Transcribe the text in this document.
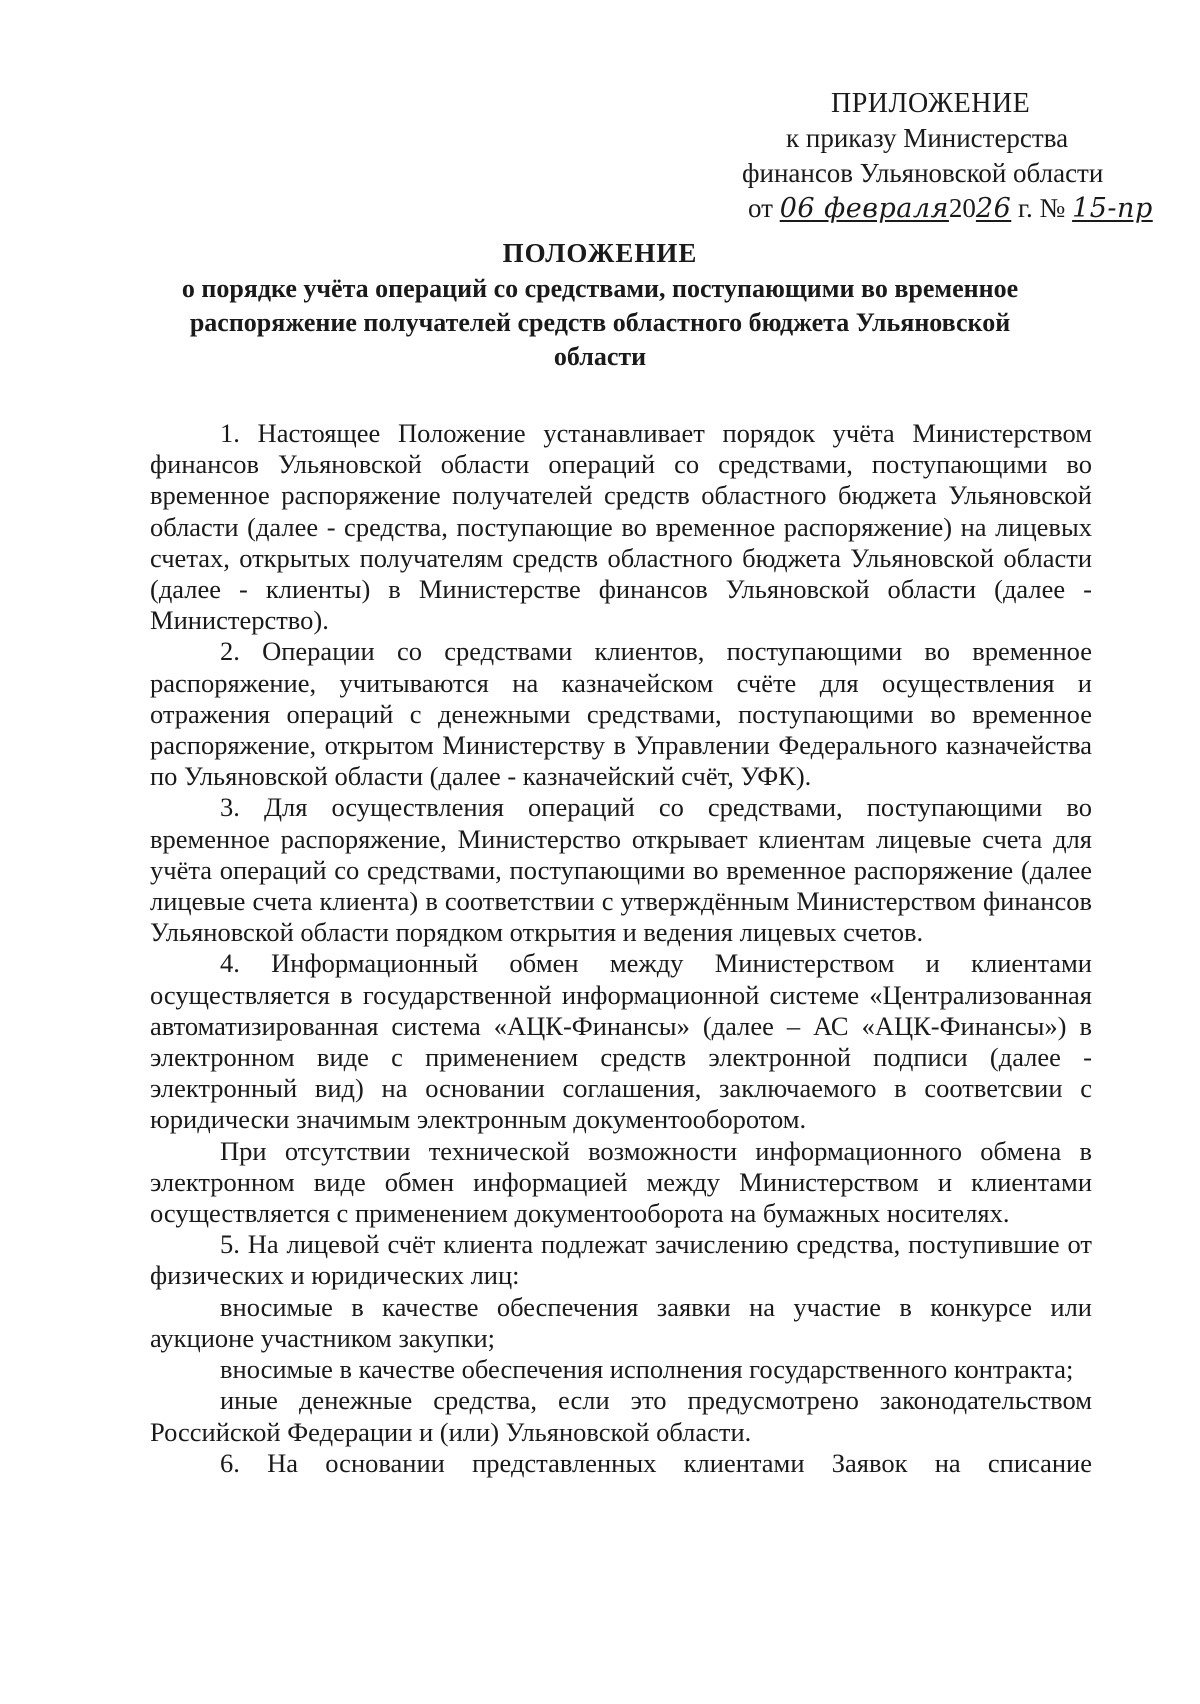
ПРИЛОЖЕНИЕ
к приказу Министерства
финансов Ульяновской области
от 06 февраля2026 г. № 15-пр
ПОЛОЖЕНИЕ
о порядке учёта операций со средствами, поступающими во временное распоряжение получателей средств областного бюджета Ульяновской области

1. Настоящее Положение устанавливает порядок учёта Министерством финансов Ульяновской области операций со средствами, поступающими во временное распоряжение получателей средств областного бюджета Ульяновской области (далее - средства, поступающие во временное распоряжение) на лицевых счетах, открытых получателям средств областного бюджета Ульяновской области (далее - клиенты) в Министерстве финансов Ульяновской области (далее - Министерство).

2. Операции со средствами клиентов, поступающими во временное распоряжение, учитываются на казначейском счёте для осуществления и отражения операций с денежными средствами, поступающими во временное распоряжение, открытом Министерству в Управлении Федерального казначейства по Ульяновской области (далее - казначейский счёт, УФК).

3. Для осуществления операций со средствами, поступающими во временное распоряжение, Министерство открывает клиентам лицевые счета для учёта операций со средствами, поступающими во временное распоряжение (далее лицевые счета клиента) в соответствии с утверждённым Министерством финансов Ульяновской области порядком открытия и ведения лицевых счетов.

4. Информационный обмен между Министерством и клиентами осуществляется в государственной информационной системе «Централизованная автоматизированная система «АЦК-Финансы» (далее – АС «АЦК-Финансы») в электронном виде с применением средств электронной подписи (далее - электронный вид) на основании соглашения, заключаемого в соответсвии с юридически значимым электронным документооборотом.

При отсутствии технической возможности информационного обмена в электронном виде обмен информацией между Министерством и клиентами осуществляется с применением документооборота на бумажных носителях.

5. На лицевой счёт клиента подлежат зачислению средства, поступившие от физических и юридических лиц:

вносимые в качестве обеспечения заявки на участие в конкурсе или аукционе участником закупки;

вносимые в качестве обеспечения исполнения государственного контракта;

иные денежные средства, если это предусмотрено законодательством Российской Федерации и (или) Ульяновской области.

6. На основании представленных клиентами Заявок на списание
